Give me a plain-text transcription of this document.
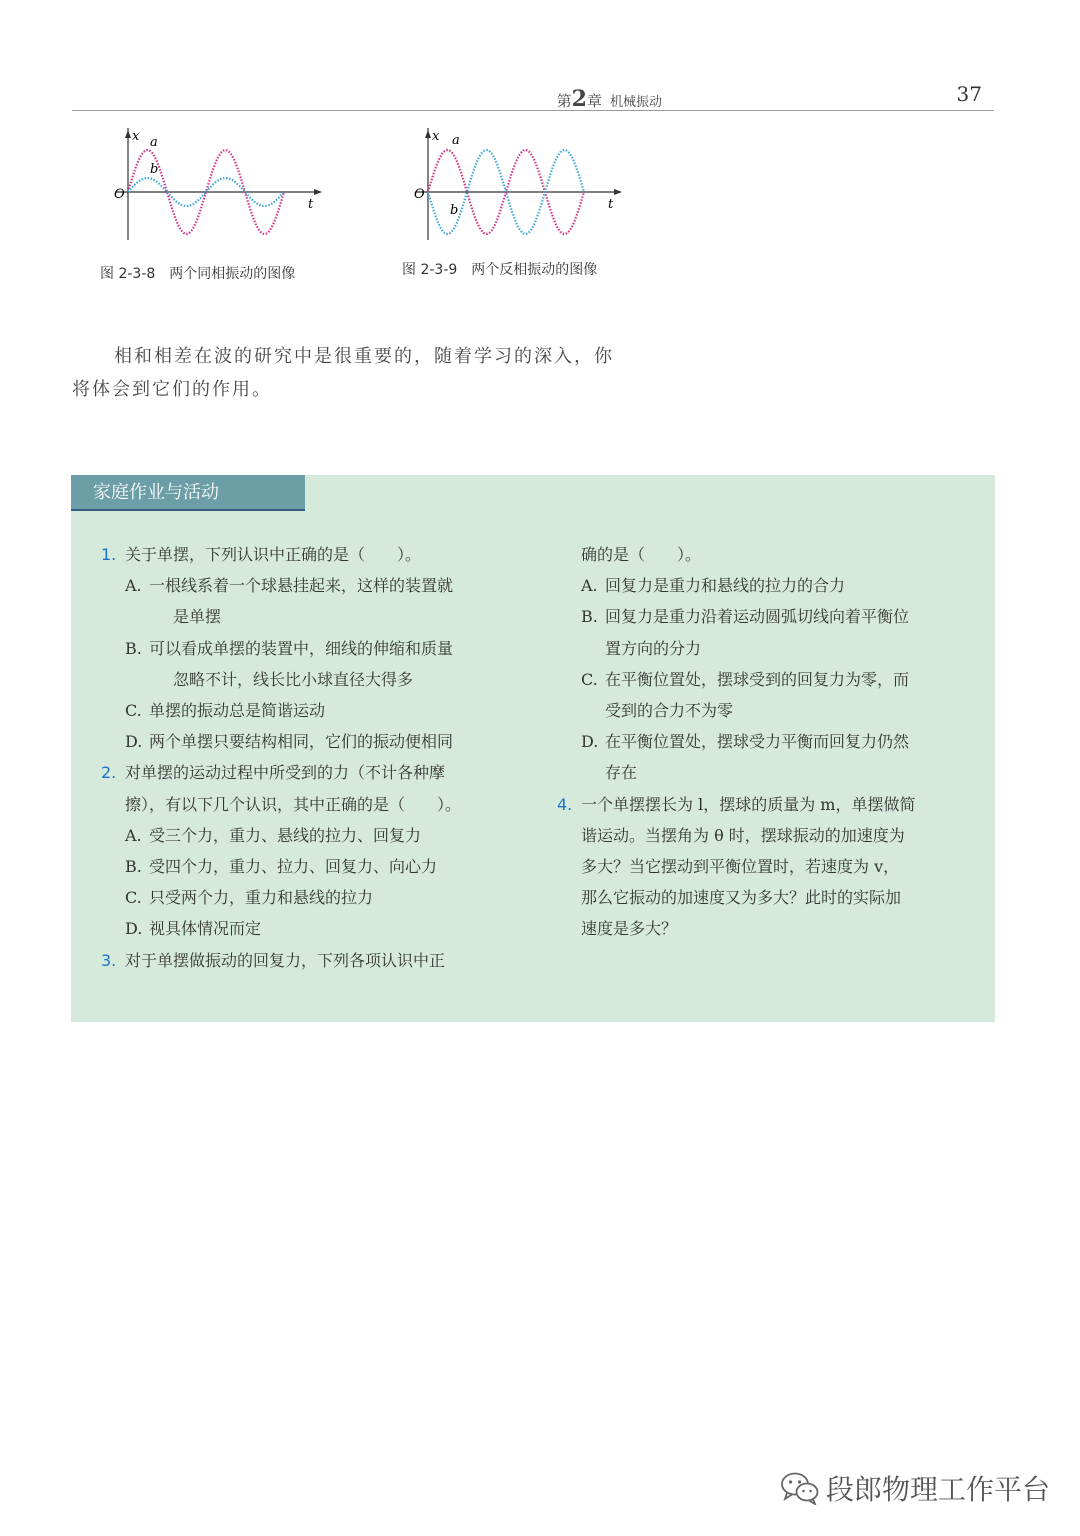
第2章 机械振动	37
x a
b
O
t
图 2-3-8 两个同相振动的图像
x a
b
O
t
图 2-3-9 两个反相振动的图像
相和相差在波的研究中是很重要的，随着学习的深入，你
将体会到它们的作用。
家庭作业与活动
1. 关于单摆，下列认识中正确的是（　　）。
A. 一根线系着一个球悬挂起来，这样的装置就
是单摆
B. 可以看成单摆的装置中，细线的伸缩和质量
忽略不计，线长比小球直径大得多
C. 单摆的振动总是简谐运动
D. 两个单摆只要结构相同，它们的振动便相同
2. 对单摆的运动过程中所受到的力（不计各种摩
擦），有以下几个认识，其中正确的是（　　）。
A. 受三个力，重力、悬线的拉力、回复力
B. 受四个力，重力、拉力、回复力、向心力
C. 只受两个力，重力和悬线的拉力
D. 视具体情况而定
3. 对于单摆做振动的回复力，下列各项认识中正
确的是（　　）。
A. 回复力是重力和悬线的拉力的合力
B. 回复力是重力沿着运动圆弧切线向着平衡位
置方向的分力
C. 在平衡位置处，摆球受到的回复力为零，而
受到的合力不为零
D. 在平衡位置处，摆球受力平衡而回复力仍然
存在
4. 一个单摆摆长为 l，摆球的质量为 m，单摆做简
谐运动。当摆角为 θ 时，摆球振动的加速度为
多大？当它摆动到平衡位置时，若速度为 v，
那么它振动的加速度又为多大？此时的实际加
速度是多大？
段郎物理工作平台
